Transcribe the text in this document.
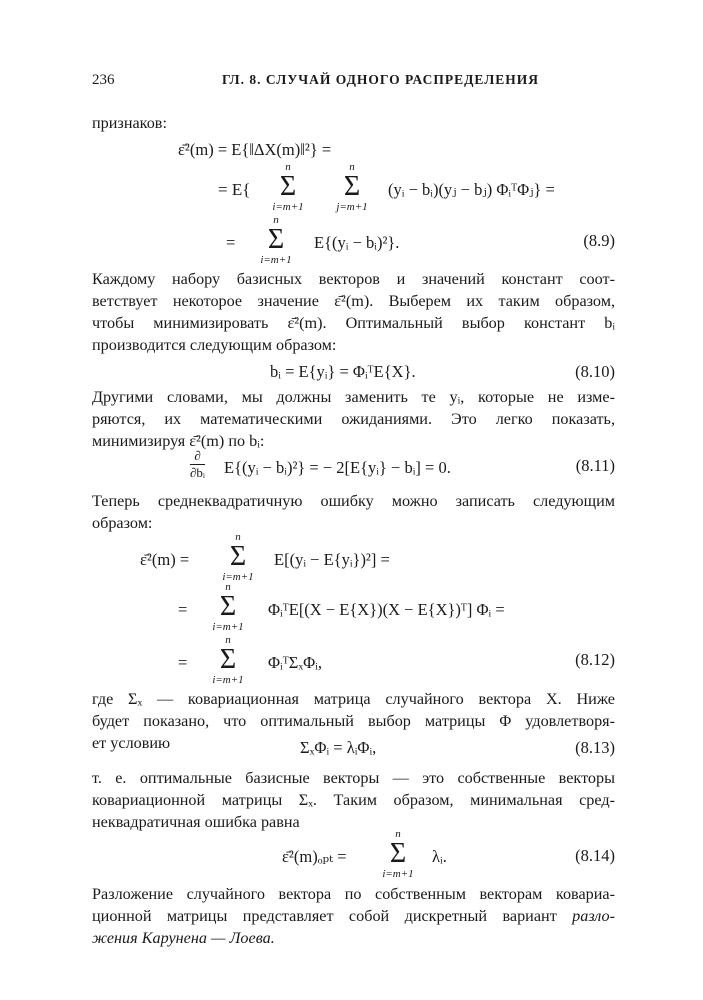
236	ГЛ. 8. СЛУЧАЙ ОДНОГО РАСПРЕДЕЛЕНИЯ
признаков:
ε̄²(m) = E{‖ΔX(m)‖²} =
= E{
n
Σ
i=m+1
n
Σ
j=m+1
(yᵢ − bᵢ)(yⱼ − bⱼ) ΦᵢᵀΦⱼ} =
=
n
Σ
i=m+1
E{(yᵢ − bᵢ)²}.	(8.9)
Каждому набору базисных векторов и значений констант соот-
ветствует некоторое значение ε̄²(m). Выберем их таким образом,
чтобы минимизировать ε̄²(m). Оптимальный выбор констант bᵢ
производится следующим образом:
bᵢ = E{yᵢ} = ΦᵢᵀE{X}.	(8.10)
Другими словами, мы должны заменить те yᵢ, которые не изме-
ряются, их математическими ожиданиями. Это легко показать,
минимизируя ε̄²(m) по bᵢ:
∂
∂bᵢ E{(yᵢ − bᵢ)²} = − 2[E{yᵢ} − bᵢ] = 0.	(8.11)
Теперь среднеквадратичную ошибку можно записать следующим
образом:
ε̄²(m) =
n
Σ
i=m+1
E[(yᵢ − E{yᵢ})²] =
=
n
Σ
i=m+1
ΦᵢᵀE[(X − E{X})(X − E{X})ᵀ] Φᵢ =
=
n
Σ
i=m+1
ΦᵢᵀΣₓΦᵢ,	(8.12)
где Σₓ — ковариационная матрица случайного вектора X. Ниже
будет показано, что оптимальный выбор матрицы Φ удовлетворя-
ет условию	ΣₓΦᵢ = λᵢΦᵢ,	(8.13)
т. е. оптимальные базисные векторы — это собственные векторы
ковариационной матрицы Σₓ. Таким образом, минимальная сред-
неквадратичная ошибка равна
ε̄²(m)ₒₚₜ =
n
Σ
i=m+1
λᵢ.	(8.14)
Разложение случайного вектора по собственным векторам ковариа-
ционной матрицы представляет собой дискретный вариант разло-
жения Карунена — Лоева.
